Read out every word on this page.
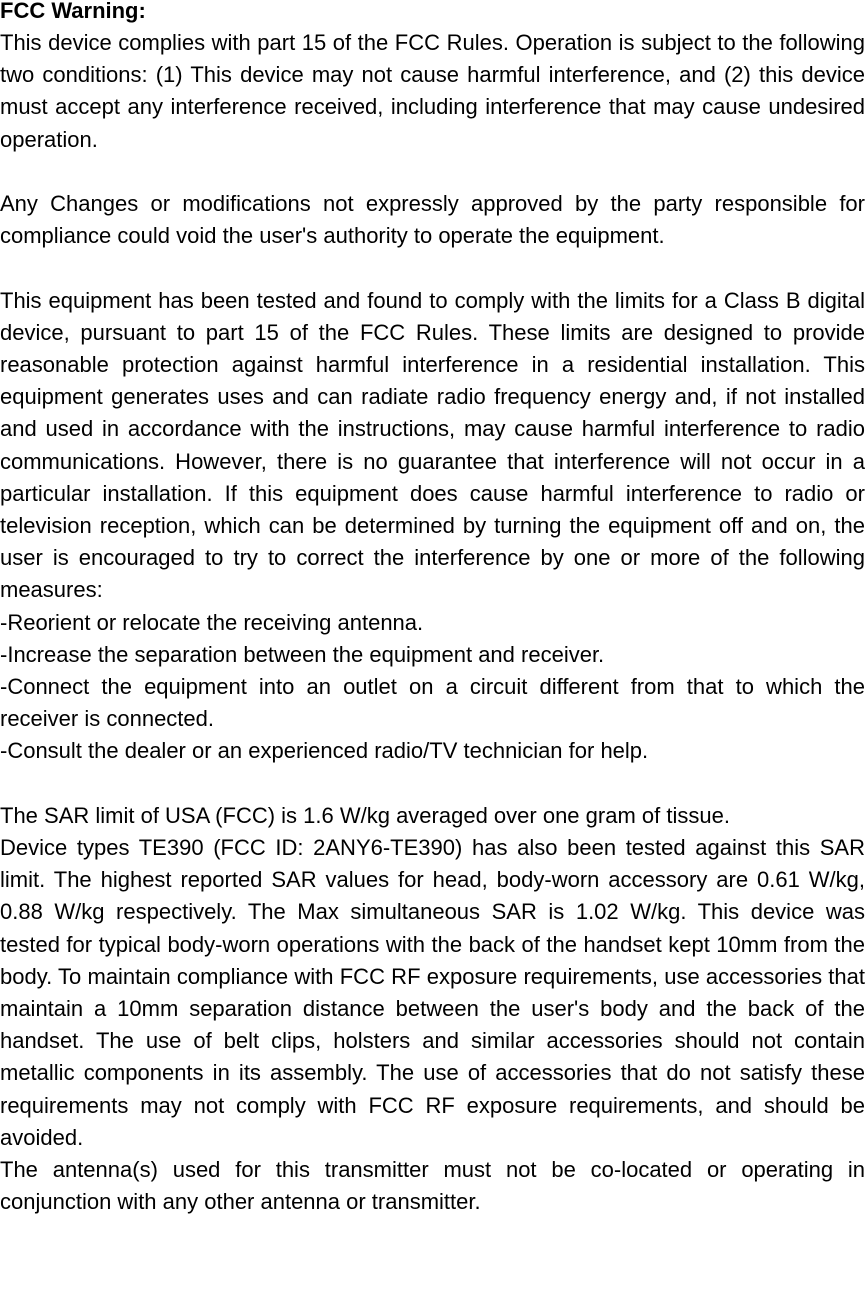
FCC Warning:

This device complies with part 15 of the FCC Rules. Operation is subject to the following two conditions: (1) This device may not cause harmful interference, and (2) this device must accept any interference received, including interference that may cause undesired operation.

Any Changes or modifications not expressly approved by the party responsible for compliance could void the user's authority to operate the equipment.

This equipment has been tested and found to comply with the limits for a Class B digital device, pursuant to part 15 of the FCC Rules. These limits are designed to provide reasonable protection against harmful interference in a residential installation. This equipment generates uses and can radiate radio frequency energy and, if not installed and used in accordance with the instructions, may cause harmful interference to radio communications. However, there is no guarantee that interference will not occur in a particular installation. If this equipment does cause harmful interference to radio or television reception, which can be determined by turning the equipment off and on, the user is encouraged to try to correct the interference by one or more of the following measures:

-Reorient or relocate the receiving antenna.

-Increase the separation between the equipment and receiver.

-Connect the equipment into an outlet on a circuit different from that to which the receiver is connected.

-Consult the dealer or an experienced radio/TV technician for help.

The SAR limit of USA (FCC) is 1.6 W/kg averaged over one gram of tissue.

Device types TE390 (FCC ID: 2ANY6-TE390) has also been tested against this SAR limit. The highest reported SAR values for head, body-worn accessory are 0.61 W/kg, 0.88 W/kg respectively. The Max simultaneous SAR is 1.02 W/kg. This device was tested for typical body-worn operations with the back of the handset kept 10mm from the body. To maintain compliance with FCC RF exposure requirements, use accessories that maintain a 10mm separation distance between the user's body and the back of the handset. The use of belt clips, holsters and similar accessories should not contain metallic components in its assembly. The use of accessories that do not satisfy these requirements may not comply with FCC RF exposure requirements, and should be avoided.

The antenna(s) used for this transmitter must not be co-located or operating in conjunction with any other antenna or transmitter.
